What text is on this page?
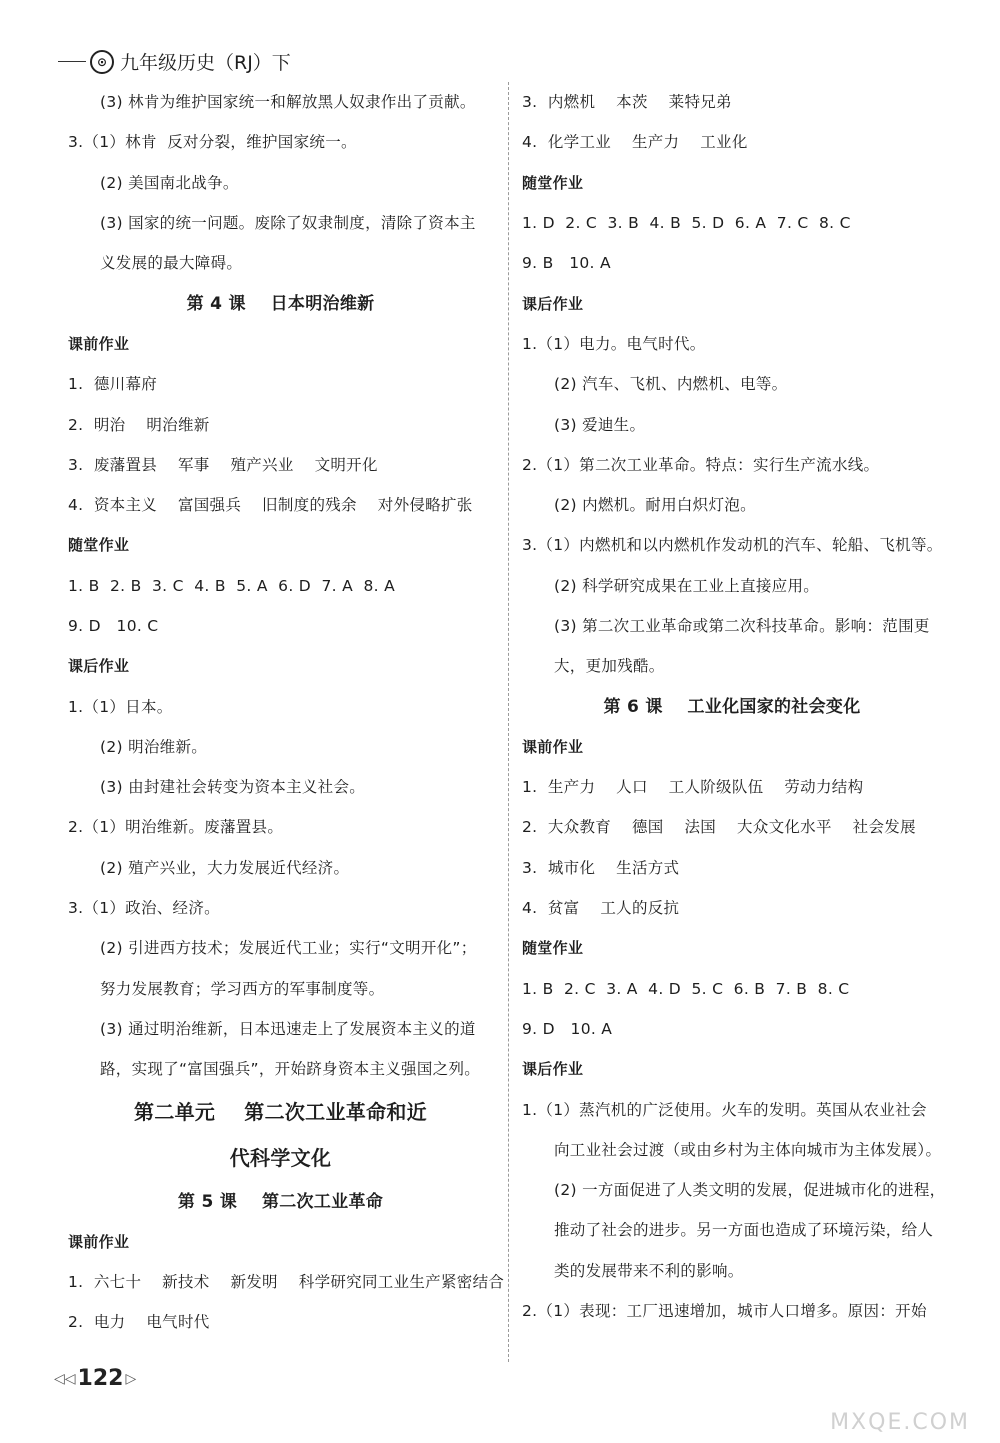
⊙ 九年级历史（RJ）下
(3) 林肯为维护国家统一和解放黑人奴隶作出了贡献。
3.（1）林肯  反对分裂，维护国家统一。
(2) 美国南北战争。
(3) 国家的统一问题。废除了奴隶制度，清除了资本主
义发展的最大障碍。
第 4 课    日本明治维新
课前作业
1.  德川幕府
2.  明治    明治维新
3.  废藩置县    军事    殖产兴业    文明开化
4.  资本主义    富国强兵    旧制度的残余    对外侵略扩张
随堂作业
1. B  2. B  3. C  4. B  5. A  6. D  7. A  8. A
9. D   10. C
课后作业
1.（1）日本。
(2) 明治维新。
(3) 由封建社会转变为资本主义社会。
2.（1）明治维新。废藩置县。
(2) 殖产兴业，大力发展近代经济。
3.（1）政治、经济。
(2) 引进西方技术；发展近代工业；实行“文明开化”；
努力发展教育；学习西方的军事制度等。
(3) 通过明治维新，日本迅速走上了发展资本主义的道
路，实现了“富国强兵”，开始跻身资本主义强国之列。
第二单元    第二次工业革命和近
代科学文化
第 5 课    第二次工业革命
课前作业
1.  六七十    新技术    新发明    科学研究同工业生产紧密结合
2.  电力    电气时代
3.  内燃机    本茨    莱特兄弟
4.  化学工业    生产力    工业化
随堂作业
1. D  2. C  3. B  4. B  5. D  6. A  7. C  8. C
9. B   10. A
课后作业
1.（1）电力。电气时代。
(2) 汽车、飞机、内燃机、电等。
(3) 爱迪生。
2.（1）第二次工业革命。特点：实行生产流水线。
(2) 内燃机。耐用白炽灯泡。
3.（1）内燃机和以内燃机作发动机的汽车、轮船、飞机等。
(2) 科学研究成果在工业上直接应用。
(3) 第二次工业革命或第二次科技革命。影响：范围更
大，更加残酷。
第 6 课    工业化国家的社会变化
课前作业
1.  生产力    人口    工人阶级队伍    劳动力结构
2.  大众教育    德国    法国    大众文化水平    社会发展
3.  城市化    生活方式
4.  贫富    工人的反抗
随堂作业
1. B  2. C  3. A  4. D  5. C  6. B  7. B  8. C
9. D   10. A
课后作业
1.（1）蒸汽机的广泛使用。火车的发明。英国从农业社会
向工业社会过渡（或由乡村为主体向城市为主体发展）。
(2) 一方面促进了人类文明的发展，促进城市化的进程，
推动了社会的进步。另一方面也造成了环境污染，给人
类的发展带来不利的影响。
2.（1）表现：工厂迅速增加，城市人口增多。原因：开始
◁◁ 122 ▷
MXQE.COM
